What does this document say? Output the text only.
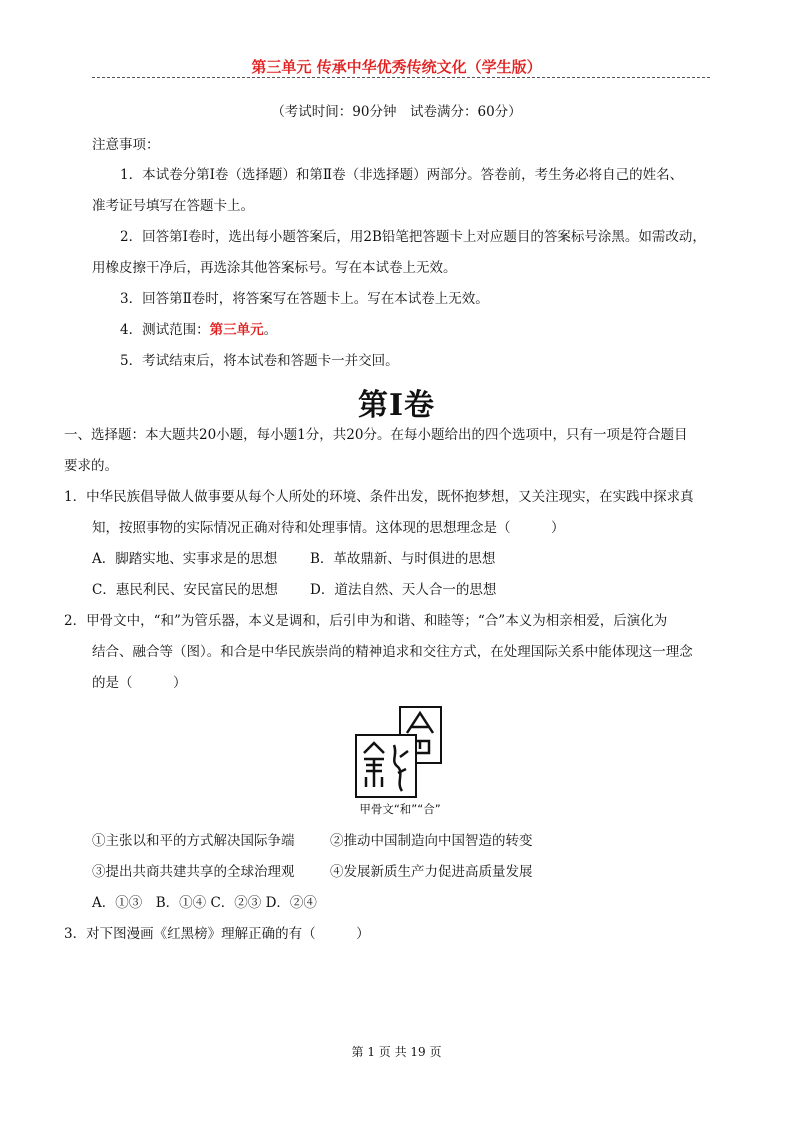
第三单元 传承中华优秀传统文化（学生版）
（考试时间：90分钟　试卷满分：60分）
注意事项：
1．本试卷分第Ⅰ卷（选择题）和第Ⅱ卷（非选择题）两部分。答卷前，考生务必将自己的姓名、
准考证号填写在答题卡上。
2．回答第Ⅰ卷时，选出每小题答案后，用2B铅笔把答题卡上对应题目的答案标号涂黑。如需改动，
用橡皮擦干净后，再选涂其他答案标号。写在本试卷上无效。
3．回答第Ⅱ卷时，将答案写在答题卡上。写在本试卷上无效。
4．测试范围：第三单元。
5．考试结束后，将本试卷和答题卡一并交回。
第Ⅰ卷
一、选择题：本大题共20小题，每小题1分，共20分。在每小题给出的四个选项中，只有一项是符合题目
要求的。
1．中华民族倡导做人做事要从每个人所处的环境、条件出发，既怀抱梦想，又关注现实，在实践中探求真
知，按照事物的实际情况正确对待和处理事情。这体现的思想理念是（　　　）
A．脚踏实地、实事求是的思想 B．革故鼎新、与时俱进的思想
C．惠民利民、安民富民的思想 D．道法自然、天人合一的思想
2．甲骨文中，“和”为管乐器，本义是调和，后引申为和谐、和睦等；“合”本义为相亲相爱，后演化为
结合、融合等（图）。和合是中华民族崇尚的精神追求和交往方式，在处理国际关系中能体现这一理念
的是（　　　）
甲骨文“和”“合”
①主张以和平的方式解决国际争端	②推动中国制造向中国智造的转变
③提出共商共建共享的全球治理观	④发展新质生产力促进高质量发展
A．①③　B．①④ C．②③ D．②④
3．对下图漫画《红黑榜》理解正确的有（　　　）
第 1 页 共 19 页
